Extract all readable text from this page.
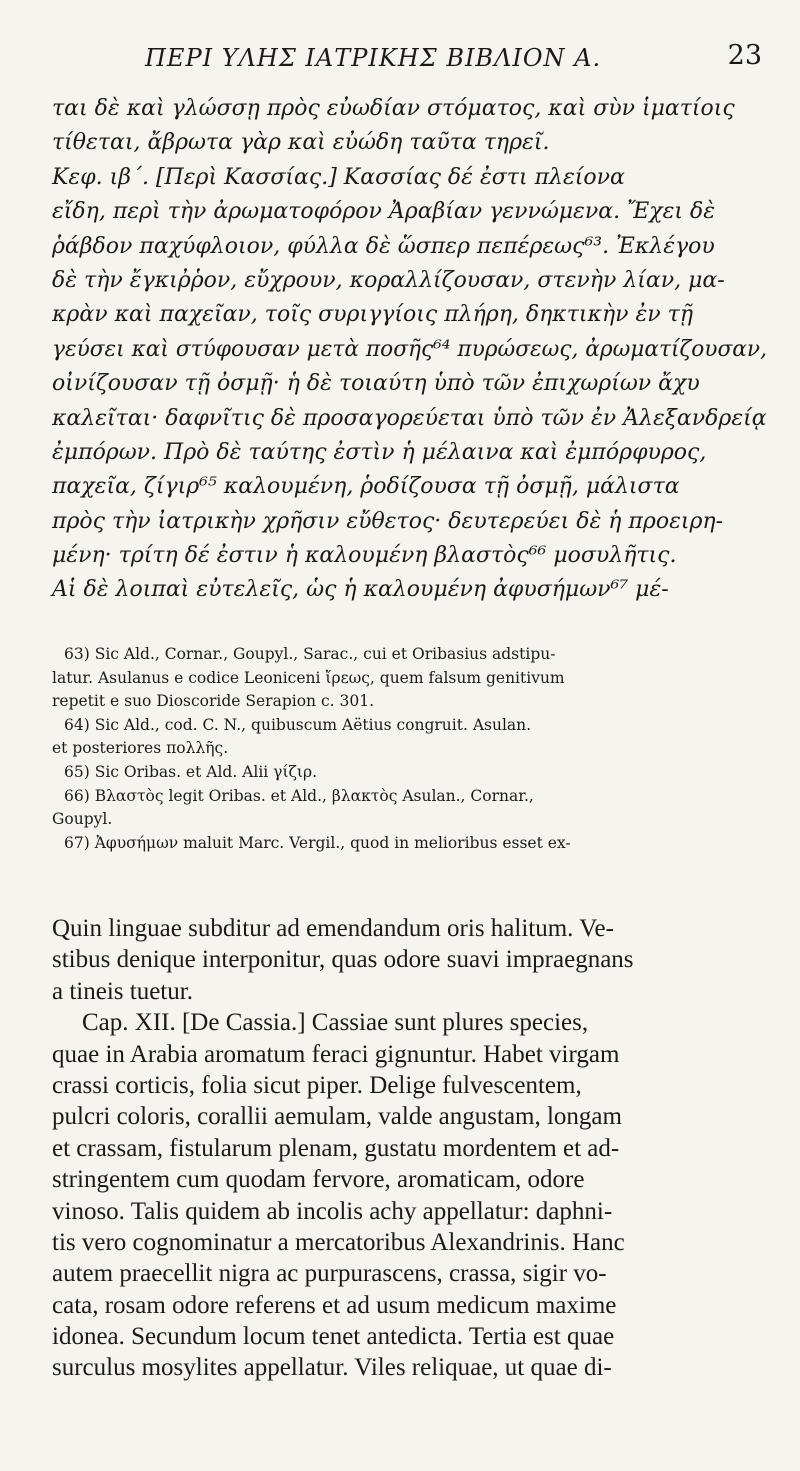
ΠΕΡΙ ΥΛΗΣ ΙΑΤΡΙΚΗΣ ΒΙΒΛΙΟΝ Α.	23
ται δὲ καὶ γλώσσῃ πρὸς εὐωδίαν στόματος, καὶ σὺν ἱματίοις
τίθεται, ἄβρωτα γὰρ καὶ εὐώδη ταῦτα τηρεῖ.
Κεφ. ιβ΄. [Περὶ Κασσίας.] Κασσίας δέ ἐστι πλείονα
εἴδη, περὶ τὴν ἀρωματοφόρον Ἀραβίαν γεννώμενα. Ἔχει δὲ
ῥάβδον παχύφλοιον, φύλλα δὲ ὥσπερ πεπέρεως⁶³. Ἐκλέγου
δὲ τὴν ἔγκιῤῥον, εὔχρουν, κοραλλίζουσαν, στενὴν λίαν, μα-
κρὰν καὶ παχεῖαν, τοῖς συριγγίοις πλήρη, δηκτικὴν ἐν τῇ
γεύσει καὶ στύφουσαν μετὰ ποσῆς⁶⁴ πυρώσεως, ἀρωματίζουσαν,
οἰνίζουσαν τῇ ὀσμῇ· ἡ δὲ τοιαύτη ὑπὸ τῶν ἐπιχωρίων ἄχυ
καλεῖται· δαφνῖτις δὲ προσαγορεύεται ὑπὸ τῶν ἐν Ἀλεξανδρείᾳ
ἐμπόρων. Πρὸ δὲ ταύτης ἐστὶν ἡ μέλαινα καὶ ἐμπόρφυρος,
παχεῖα, ζίγιρ⁶⁵ καλουμένη, ῥοδίζουσα τῇ ὀσμῇ, μάλιστα
πρὸς τὴν ἰατρικὴν χρῆσιν εὔθετος· δευτερεύει δὲ ἡ προειρη-
μένη· τρίτη δέ ἐστιν ἡ καλουμένη βλαστὸς⁶⁶ μοσυλῆτις.
Αἱ δὲ λοιπαὶ εὐτελεῖς, ὡς ἡ καλουμένη ἀφυσήμων⁶⁷ μέ-
63) Sic Ald., Cornar., Goupyl., Sarac., cui et Oribasius adstipu-
latur. Asulanus e codice Leoniceni ἴρεως, quem falsum genitivum
repetit e suo Dioscoride Serapion c. 301.
64) Sic Ald., cod. C. N., quibuscum Aëtius congruit. Asulan.
et posteriores πολλῆς.
65) Sic Oribas. et Ald. Alii γίζιρ.
66) Βλαστὸς legit Oribas. et Ald., βλακτὸς Asulan., Cornar.,
Goupyl.
67) Ἀφυσήμων maluit Marc. Vergil., quod in melioribus esset ex-
Quin linguae subditur ad emendandum oris halitum. Ve-
stibus denique interponitur, quas odore suavi impraegnans
a tineis tuetur.
Cap. XII. [De Cassia.] Cassiae sunt plures species,
quae in Arabia aromatum feraci gignuntur. Habet virgam
crassi corticis, folia sicut piper. Delige fulvescentem,
pulcri coloris, corallii aemulam, valde angustam, longam
et crassam, fistularum plenam, gustatu mordentem et ad-
stringentem cum quodam fervore, aromaticam, odore
vinoso. Talis quidem ab incolis achy appellatur: daphni-
tis vero cognominatur a mercatoribus Alexandrinis. Hanc
autem praecellit nigra ac purpurascens, crassa, sigir vo-
cata, rosam odore referens et ad usum medicum maxime
idonea. Secundum locum tenet antedicta. Tertia est quae
surculus mosylites appellatur. Viles reliquae, ut quae di-
